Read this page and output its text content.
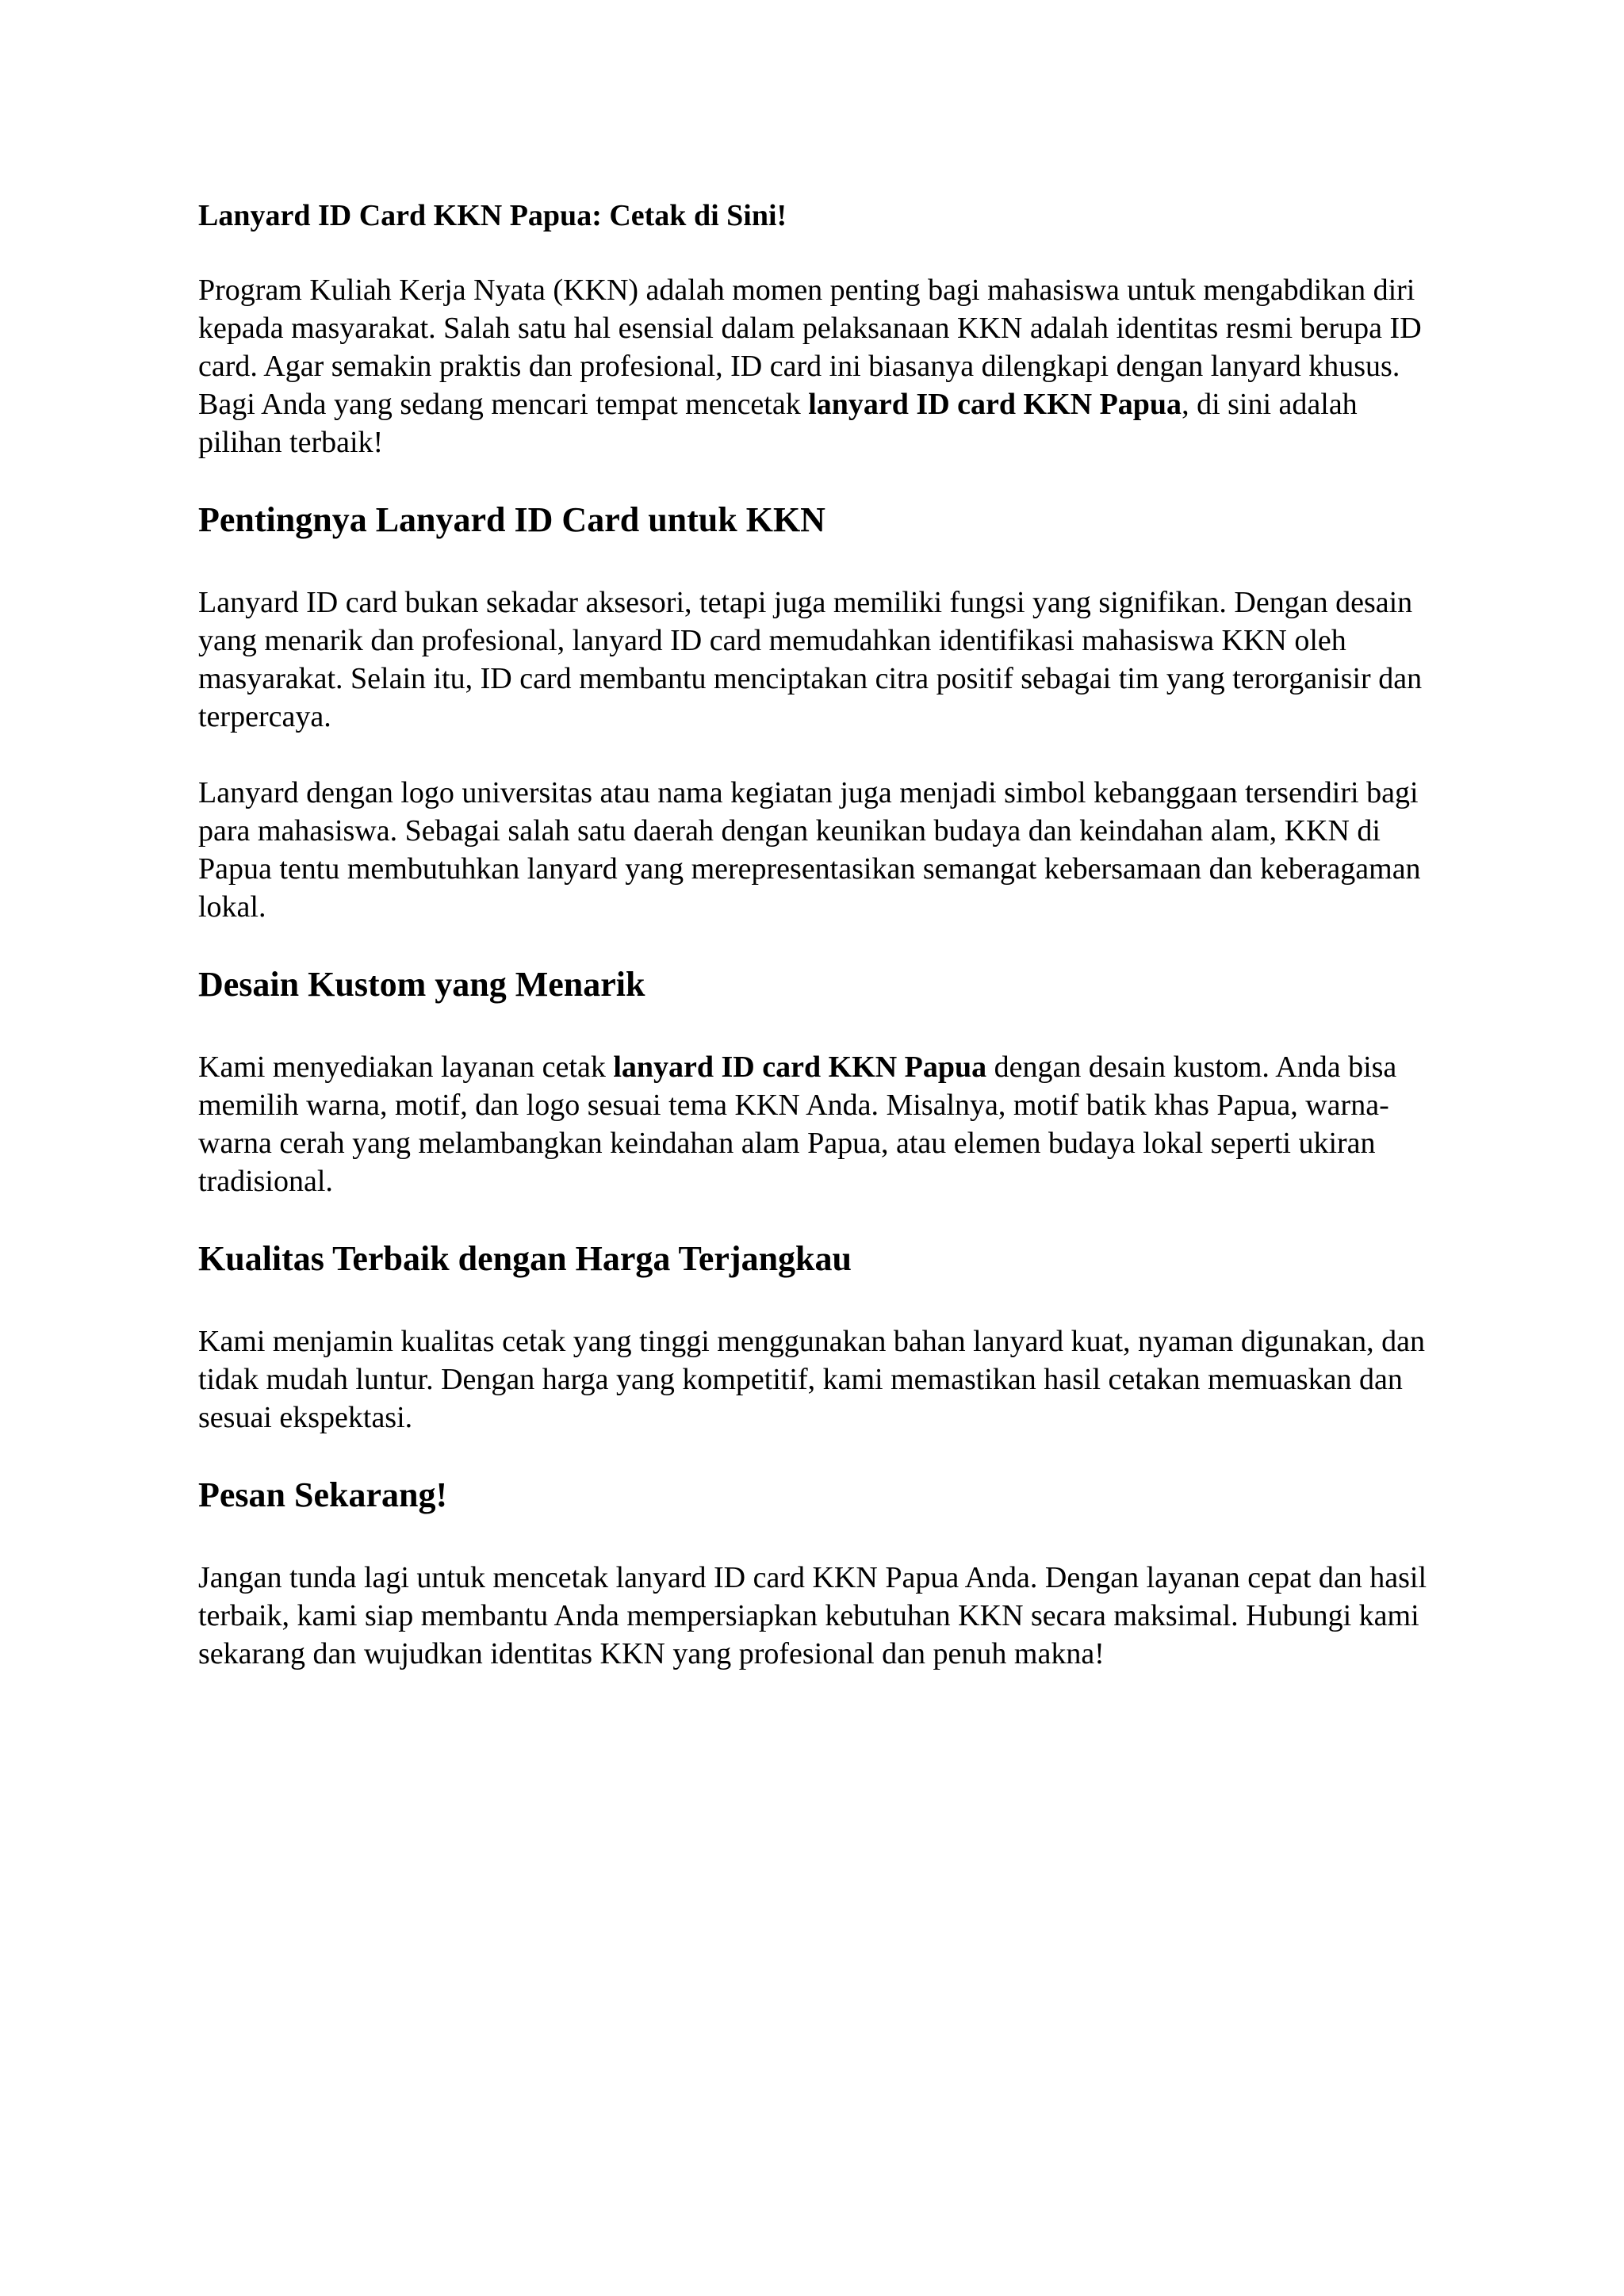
Lanyard ID Card KKN Papua: Cetak di Sini!

Program Kuliah Kerja Nyata (KKN) adalah momen penting bagi mahasiswa untuk mengabdikan diri kepada masyarakat. Salah satu hal esensial dalam pelaksanaan KKN adalah identitas resmi berupa ID card. Agar semakin praktis dan profesional, ID card ini biasanya dilengkapi dengan lanyard khusus. Bagi Anda yang sedang mencari tempat mencetak lanyard ID card KKN Papua, di sini adalah pilihan terbaik!

Pentingnya Lanyard ID Card untuk KKN

Lanyard ID card bukan sekadar aksesori, tetapi juga memiliki fungsi yang signifikan. Dengan desain yang menarik dan profesional, lanyard ID card memudahkan identifikasi mahasiswa KKN oleh masyarakat. Selain itu, ID card membantu menciptakan citra positif sebagai tim yang terorganisir dan terpercaya.

Lanyard dengan logo universitas atau nama kegiatan juga menjadi simbol kebanggaan tersendiri bagi para mahasiswa. Sebagai salah satu daerah dengan keunikan budaya dan keindahan alam, KKN di Papua tentu membutuhkan lanyard yang merepresentasikan semangat kebersamaan dan keberagaman lokal.

Desain Kustom yang Menarik

Kami menyediakan layanan cetak lanyard ID card KKN Papua dengan desain kustom. Anda bisa memilih warna, motif, dan logo sesuai tema KKN Anda. Misalnya, motif batik khas Papua, warna-warna cerah yang melambangkan keindahan alam Papua, atau elemen budaya lokal seperti ukiran tradisional.

Kualitas Terbaik dengan Harga Terjangkau

Kami menjamin kualitas cetak yang tinggi menggunakan bahan lanyard kuat, nyaman digunakan, dan tidak mudah luntur. Dengan harga yang kompetitif, kami memastikan hasil cetakan memuaskan dan sesuai ekspektasi.

Pesan Sekarang!

Jangan tunda lagi untuk mencetak lanyard ID card KKN Papua Anda. Dengan layanan cepat dan hasil terbaik, kami siap membantu Anda mempersiapkan kebutuhan KKN secara maksimal. Hubungi kami sekarang dan wujudkan identitas KKN yang profesional dan penuh makna!
